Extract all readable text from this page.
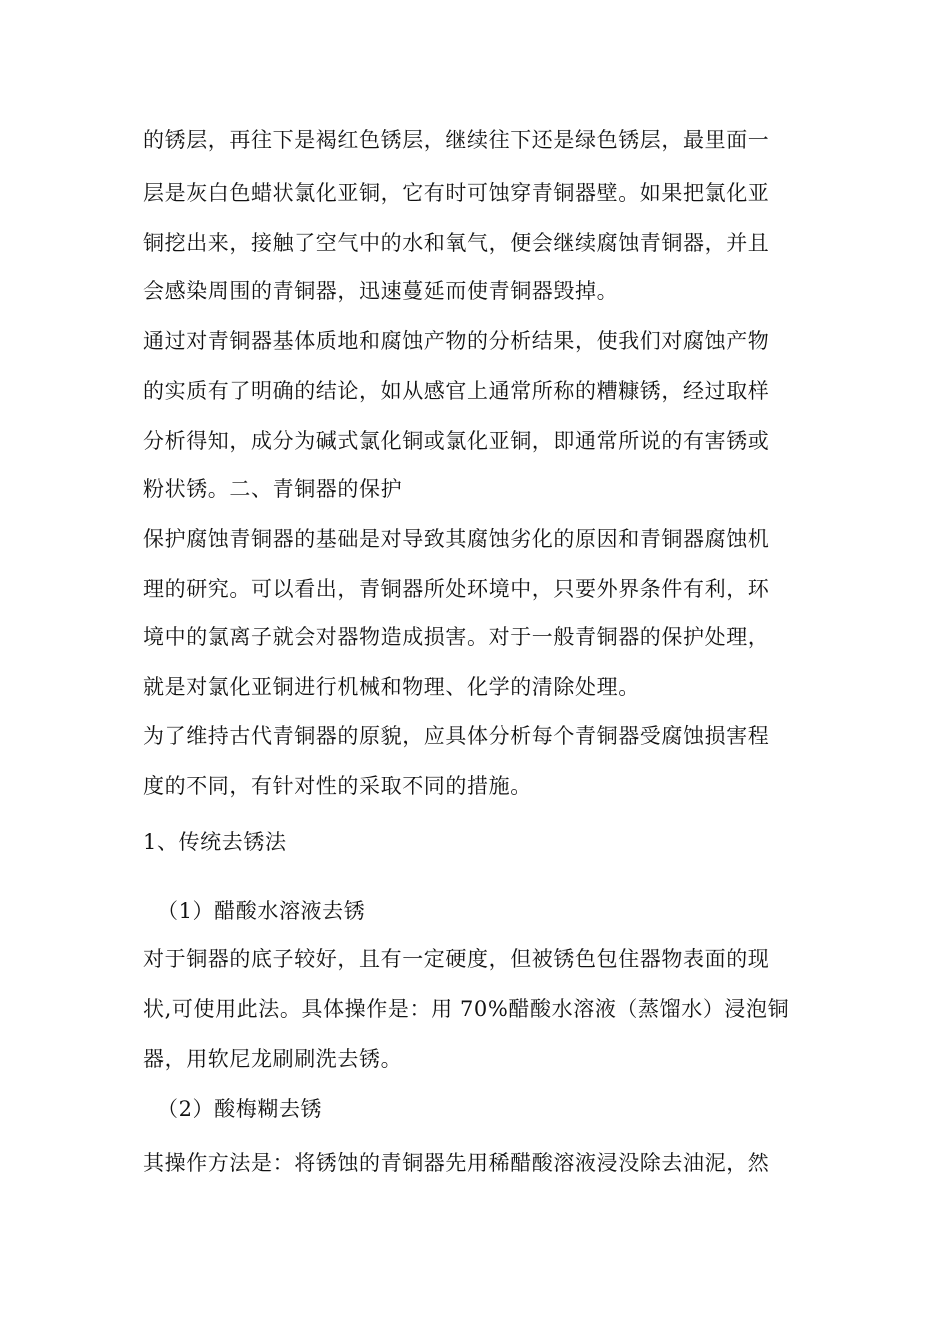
的锈层，再往下是褐红色锈层，继续往下还是绿色锈层，最里面一
层是灰白色蜡状氯化亚铜，它有时可蚀穿青铜器壁。如果把氯化亚
铜挖出来，接触了空气中的水和氧气，便会继续腐蚀青铜器，并且
会感染周围的青铜器，迅速蔓延而使青铜器毁掉。
通过对青铜器基体质地和腐蚀产物的分析结果，使我们对腐蚀产物
的实质有了明确的结论，如从感官上通常所称的糟糠锈，经过取样
分析得知，成分为碱式氯化铜或氯化亚铜，即通常所说的有害锈或
粉状锈。二、青铜器的保护
保护腐蚀青铜器的基础是对导致其腐蚀劣化的原因和青铜器腐蚀机
理的研究。可以看出，青铜器所处环境中，只要外界条件有利，环
境中的氯离子就会对器物造成损害。对于一般青铜器的保护处理，
就是对氯化亚铜进行机械和物理、化学的清除处理。
为了维持古代青铜器的原貌，应具体分析每个青铜器受腐蚀损害程
度的不同，有针对性的采取不同的措施。
1、传统去锈法
（1）醋酸水溶液去锈
对于铜器的底子较好，且有一定硬度，但被锈色包住器物表面的现
状,可使用此法。具体操作是：用 70%醋酸水溶液（蒸馏水）浸泡铜
器，用软尼龙刷刷洗去锈。
（2）酸梅糊去锈
其操作方法是：将锈蚀的青铜器先用稀醋酸溶液浸没除去油泥，然
